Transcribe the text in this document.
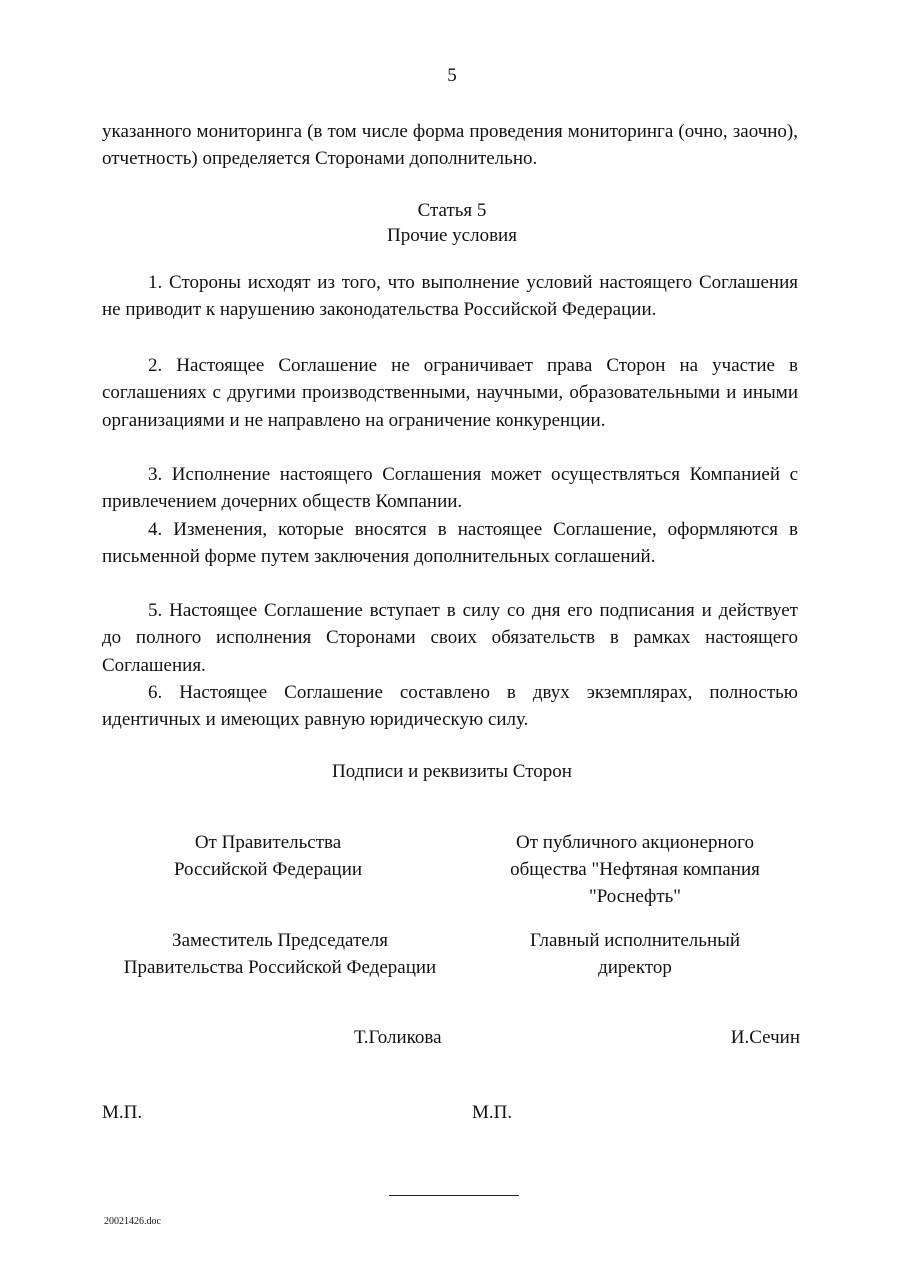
5

указанного мониторинга (в том числе форма проведения мониторинга (очно, заочно), отчетность) определяется Сторонами дополнительно.

Статья 5
Прочие условия

1. Стороны исходят из того, что выполнение условий настоящего Соглашения не приводит к нарушению законодательства Российской Федерации.

2. Настоящее Соглашение не ограничивает права Сторон на участие в соглашениях с другими производственными, научными, образовательными и иными организациями и не направлено на ограничение конкуренции.

3. Исполнение настоящего Соглашения может осуществляться Компанией с привлечением дочерних обществ Компании.

4. Изменения, которые вносятся в настоящее Соглашение, оформляются в письменной форме путем заключения дополнительных соглашений.

5. Настоящее Соглашение вступает в силу со дня его подписания и действует до полного исполнения Сторонами своих обязательств в рамках настоящего Соглашения.

6. Настоящее Соглашение составлено в двух экземплярах, полностью идентичных и имеющих равную юридическую силу.

Подписи и реквизиты Сторон
От Правительства
Российской Федерации
От публичного акционерного
общества "Нефтяная компания
"Роснефть"
Заместитель Председателя
Правительства Российской Федерации
Главный исполнительный
директор
Т.Голикова	И.Сечин
М.П.	М.П.
20021426.doc
